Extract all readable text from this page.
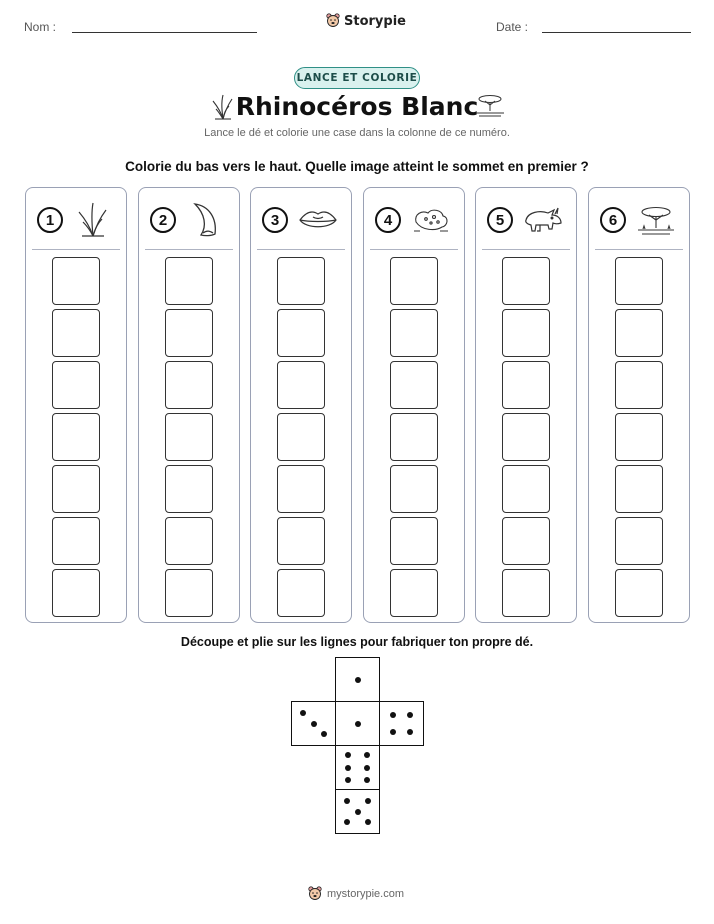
Nom :	Storypie	Date :
LANCE ET COLORIE
Rhinocéros Blanc
Lance le dé et colorie une case dans la colonne de ce numéro.
Colorie du bas vers le haut. Quelle image atteint le sommet en premier ?
1	2	3	4	5	6
Découpe et plie sur les lignes pour fabriquer ton propre dé.
mystorypie.com
